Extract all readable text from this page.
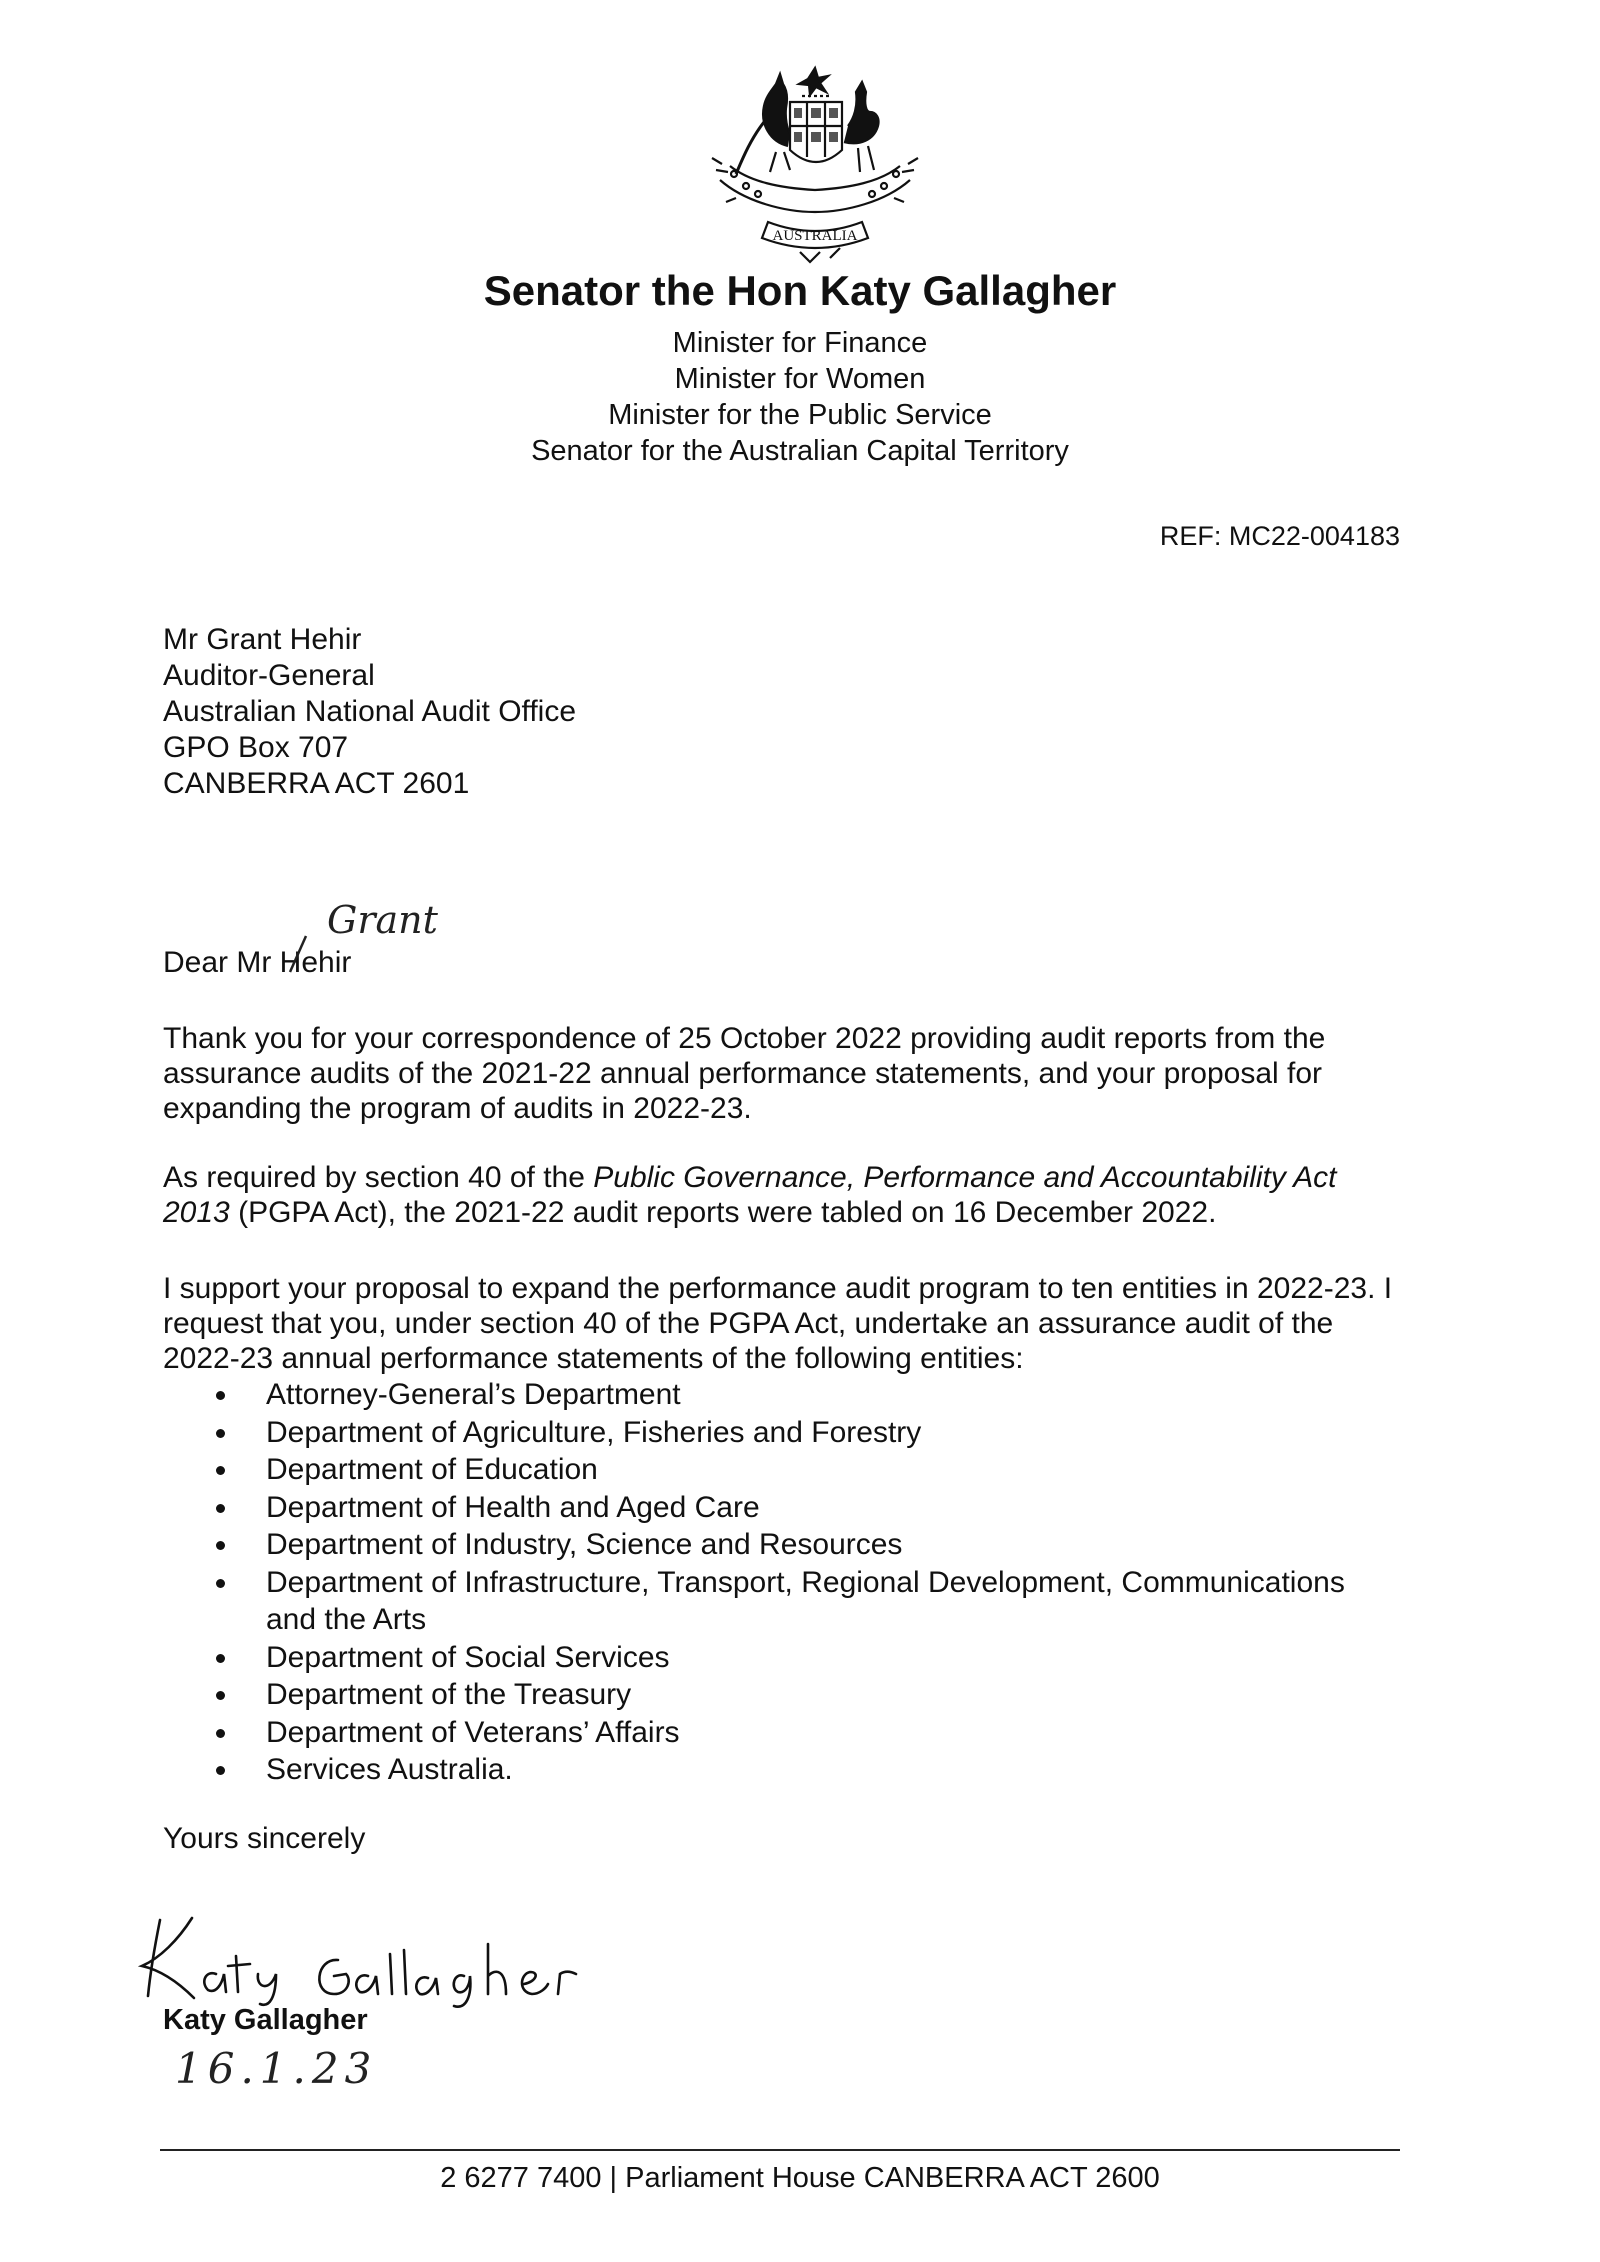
AUSTRALIA
Senator the Hon Katy Gallagher
Minister for Finance
Minister for Women
Minister for the Public Service
Senator for the Australian Capital Territory
REF: MC22-004183
Mr Grant Hehir
Auditor-General
Australian National Audit Office
GPO Box 707
CANBERRA ACT 2601
Grant
Dear Mr Hehir
Thank you for your correspondence of 25 October 2022 providing audit reports from the assurance audits of the 2021-22 annual performance statements, and your proposal for expanding the program of audits in 2022-23.
As required by section 40 of the Public Governance, Performance and Accountability Act 2013 (PGPA Act), the 2021-22 audit reports were tabled on 16 December 2022.
I support your proposal to expand the performance audit program to ten entities in 2022-23. I request that you, under section 40 of the PGPA Act, undertake an assurance audit of the 2022-23 annual performance statements of the following entities:
Attorney-General’s Department
Department of Agriculture, Fisheries and Forestry
Department of Education
Department of Health and Aged Care
Department of Industry, Science and Resources
Department of Infrastructure, Transport, Regional Development, Communications and the Arts
Department of Social Services
Department of the Treasury
Department of Veterans’ Affairs
Services Australia.
Yours sincerely
Katy Gallagher
16.1.23
2 6277 7400 | Parliament House CANBERRA ACT 2600
